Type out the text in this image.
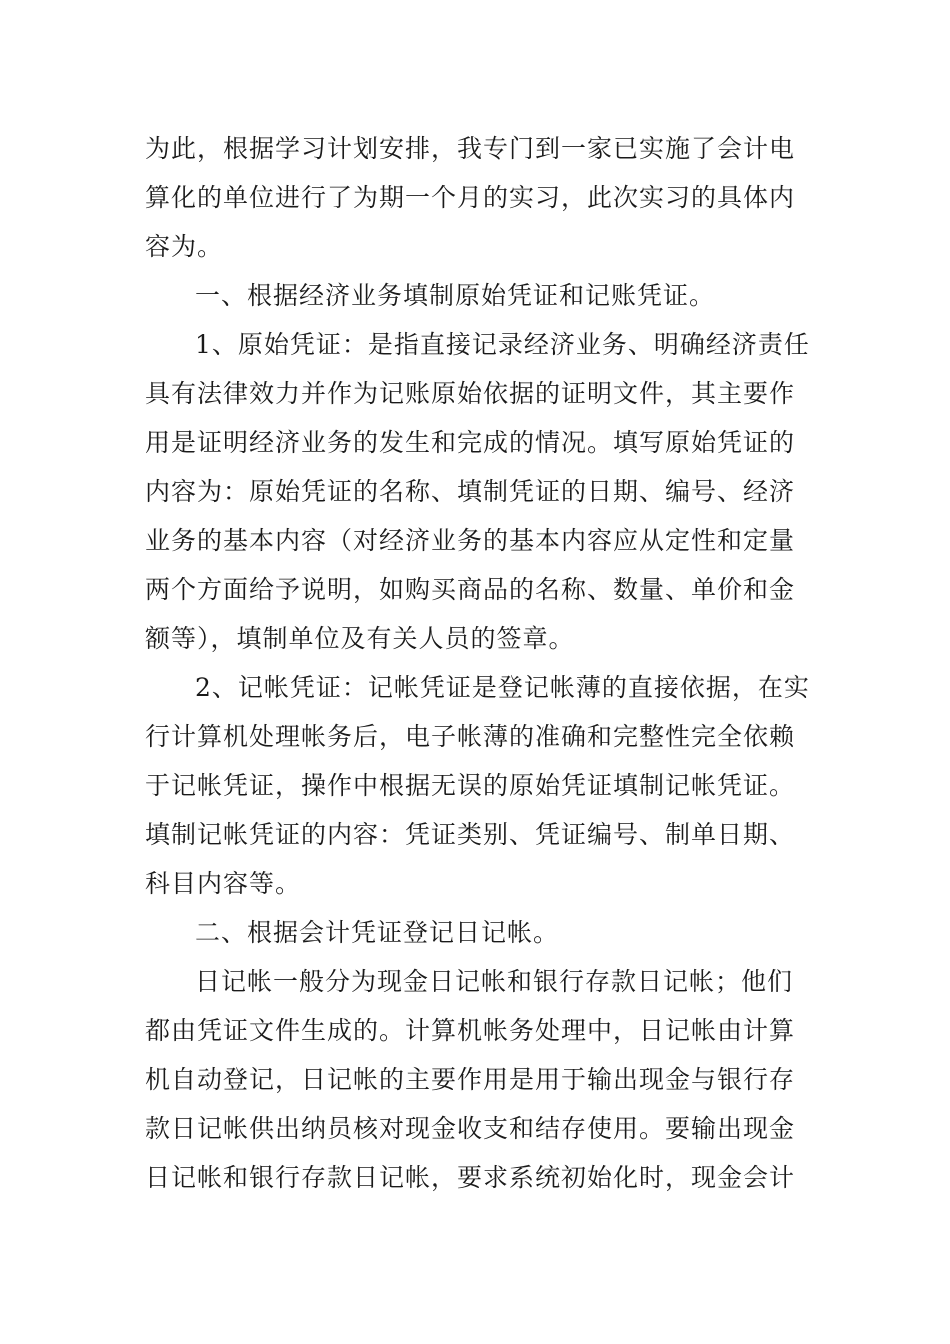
为此，根据学习计划安排，我专门到一家已实施了会计电
算化的单位进行了为期一个月的实习，此次实习的具体内
容为。
一、根据经济业务填制原始凭证和记账凭证。
1、原始凭证：是指直接记录经济业务、明确经济责任
具有法律效力并作为记账原始依据的证明文件，其主要作
用是证明经济业务的发生和完成的情况。填写原始凭证的
内容为：原始凭证的名称、填制凭证的日期、编号、经济
业务的基本内容（对经济业务的基本内容应从定性和定量
两个方面给予说明，如购买商品的名称、数量、单价和金
额等），填制单位及有关人员的签章。
2、记帐凭证：记帐凭证是登记帐薄的直接依据，在实
行计算机处理帐务后，电子帐薄的准确和完整性完全依赖
于记帐凭证，操作中根据无误的原始凭证填制记帐凭证。
填制记帐凭证的内容：凭证类别、凭证编号、制单日期、
科目内容等。
二、根据会计凭证登记日记帐。
日记帐一般分为现金日记帐和银行存款日记帐；他们
都由凭证文件生成的。计算机帐务处理中，日记帐由计算
机自动登记，日记帐的主要作用是用于输出现金与银行存
款日记帐供出纳员核对现金收支和结存使用。要输出现金
日记帐和银行存款日记帐，要求系统初始化时，现金会计
